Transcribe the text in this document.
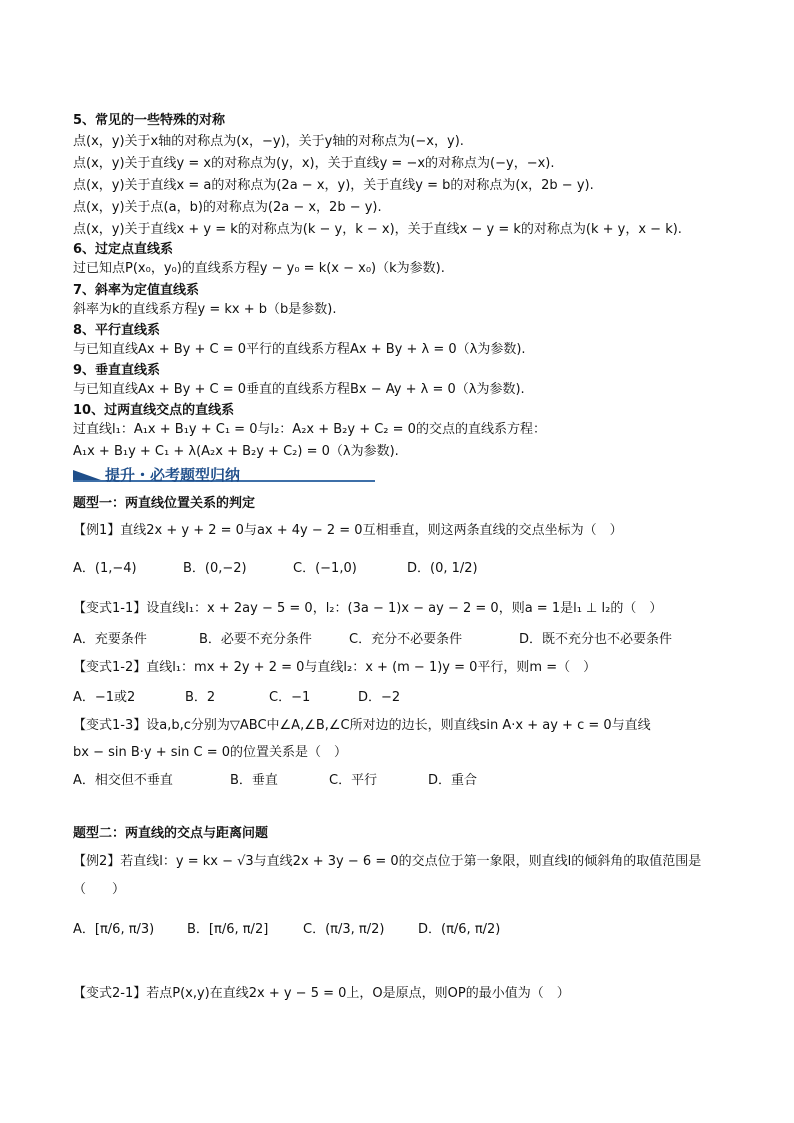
5、常见的一些特殊的对称
点(x，y)关于x轴的对称点为(x，−y)，关于y轴的对称点为(−x，y).
点(x，y)关于直线y = x的对称点为(y，x)，关于直线y = −x的对称点为(−y，−x).
点(x，y)关于直线x = a的对称点为(2a − x，y)，关于直线y = b的对称点为(x，2b − y).
点(x，y)关于点(a，b)的对称点为(2a − x，2b − y).
点(x，y)关于直线x + y = k的对称点为(k − y，k − x)，关于直线x − y = k的对称点为(k + y，x − k).
6、过定点直线系
过已知点P(x₀，y₀)的直线系方程y − y₀ = k(x − x₀)（k为参数).
7、斜率为定值直线系
斜率为k的直线系方程y = kx + b（b是参数).
8、平行直线系
与已知直线Ax + By + C = 0平行的直线系方程Ax + By + λ = 0（λ为参数).
9、垂直直线系
与已知直线Ax + By + C = 0垂直的直线系方程Bx − Ay + λ = 0（λ为参数).
10、过两直线交点的直线系
过直线l₁：A₁x + B₁y + C₁ = 0与l₂：A₂x + B₂y + C₂ = 0的交点的直线系方程：
A₁x + B₁y + C₁ + λ(A₂x + B₂y + C₂) = 0（λ为参数).
提升・必考题型归纳
题型一：两直线位置关系的判定
【例1】直线2x + y + 2 = 0与ax + 4y − 2 = 0互相垂直，则这两条直线的交点坐标为（　）
A．(1,−4)	B．(0,−2)	C．(−1,0)	D．(0, 1/2)
【变式1-1】设直线l₁：x + 2ay − 5 = 0，l₂：(3a − 1)x − ay − 2 = 0，则a = 1是l₁ ⊥ l₂的（　）
A．充要条件	B．必要不充分条件	C．充分不必要条件	D．既不充分也不必要条件
【变式1-2】直线l₁：mx + 2y + 2 = 0与直线l₂：x + (m − 1)y = 0平行，则m =（　）
A．−1或2	B．2	C．−1	D．−2
【变式1-3】设a,b,c分别为▽ABC中∠A,∠B,∠C所对边的边长，则直线sin A·x + ay + c = 0与直线
bx − sin B·y + sin C = 0的位置关系是（　）
A．相交但不垂直	B．垂直	C．平行	D．重合
题型二：两直线的交点与距离问题
【例2】若直线l：y = kx − √3与直线2x + 3y − 6 = 0的交点位于第一象限，则直线l的倾斜角的取值范围是
（　　）
A．[π/6, π/3)	B．[π/6, π/2]	C．(π/3, π/2)	D．(π/6, π/2)
【变式2-1】若点P(x,y)在直线2x + y − 5 = 0上，O是原点，则OP的最小值为（　）
